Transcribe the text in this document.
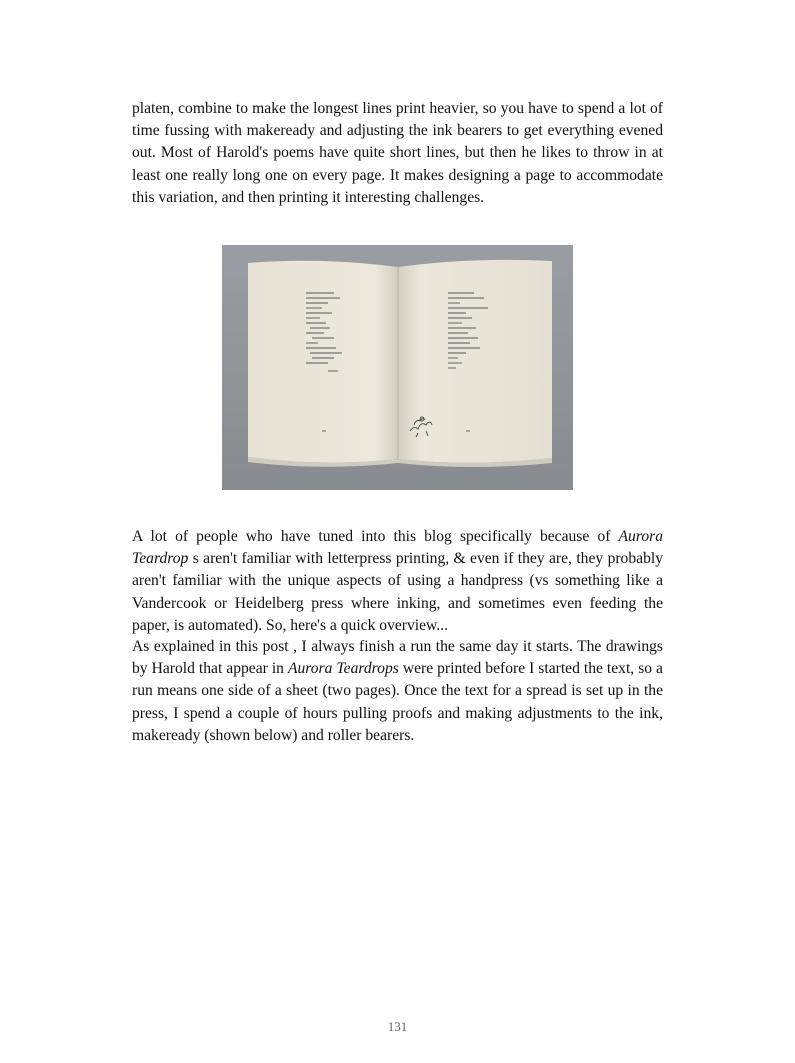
platen, combine to make the longest lines print heavier, so you have to spend a lot of time fussing with makeready and adjusting the ink bearers to get everything evened out. Most of Harold's poems have quite short lines, but then he likes to throw in at least one really long one on every page. It makes designing a page to accommodate this variation, and then printing it interesting challenges.

A lot of people who have tuned into this blog specifically because of Aurora Teardrop s aren't familiar with letterpress printing, & even if they are, they probably aren't familiar with the unique aspects of using a handpress (vs something like a Vandercook or Heidelberg press where inking, and sometimes even feeding the paper, is automated). So, here's a quick overview...

As explained in this post , I always finish a run the same day it starts. The drawings by Harold that appear in Aurora Teardrops were printed before I started the text, so a run means one side of a sheet (two pages). Once the text for a spread is set up in the press, I spend a couple of hours pulling proofs and making adjustments to the ink, makeready (shown below) and roller bearers.

131
